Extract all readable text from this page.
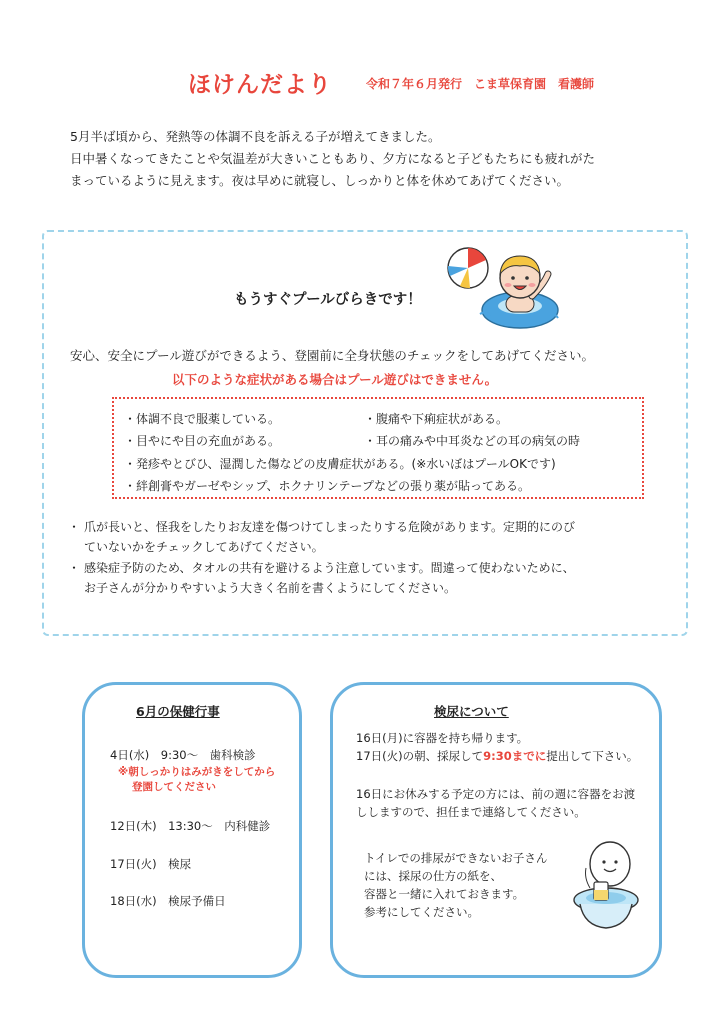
ほけんだより	令和７年６月発行　こま草保育園　看護師

5月半ば頃から、発熱等の体調不良を訴える子が増えてきました。

日中暑くなってきたことや気温差が大きいこともあり、夕方になると子どもたちにも疲れがた

まっているように見えます。夜は早めに就寝し、しっかりと体を休めてあげてください。

もうすぐプールびらきです！
安心、安全にプール遊びができるよう、登園前に全身状態のチェックをしてあげてください。
以下のような症状がある場合はプール遊びはできません。
・体調不良で服薬している。	・腹痛や下痢症状がある。
・目やにや目の充血がある。	・耳の痛みや中耳炎などの耳の病気の時
・発疹やとびひ、湿潤した傷などの皮膚症状がある。(※水いぼはプールOKです)
・絆創膏やガーゼやシップ、ホクナリンテープなどの張り薬が貼ってある。
・ 爪が長いと、怪我をしたりお友達を傷つけてしまったりする危険があります。定期的にのび
ていないかをチェックしてあげてください。
・ 感染症予防のため、タオルの共有を避けるよう注意しています。間違って使わないために、
お子さんが分かりやすいよう大きく名前を書くようにしてください。
6月の保健行事
4日(水)　9:30〜　歯科検診
※朝しっかりはみがきをしてから
登園してください
12日(木)　13:30〜　内科健診
17日(火)　検尿
18日(水)　検尿予備日
検尿について
16日(月)に容器を持ち帰ります。
17日(火)の朝、採尿して9:30までに提出して下さい。
16日にお休みする予定の方には、前の週に容器をお渡
ししますので、担任まで連絡してください。
トイレでの排尿ができないお子さん
には、採尿の仕方の紙を、
容器と一緒に入れておきます。
参考にしてください。
